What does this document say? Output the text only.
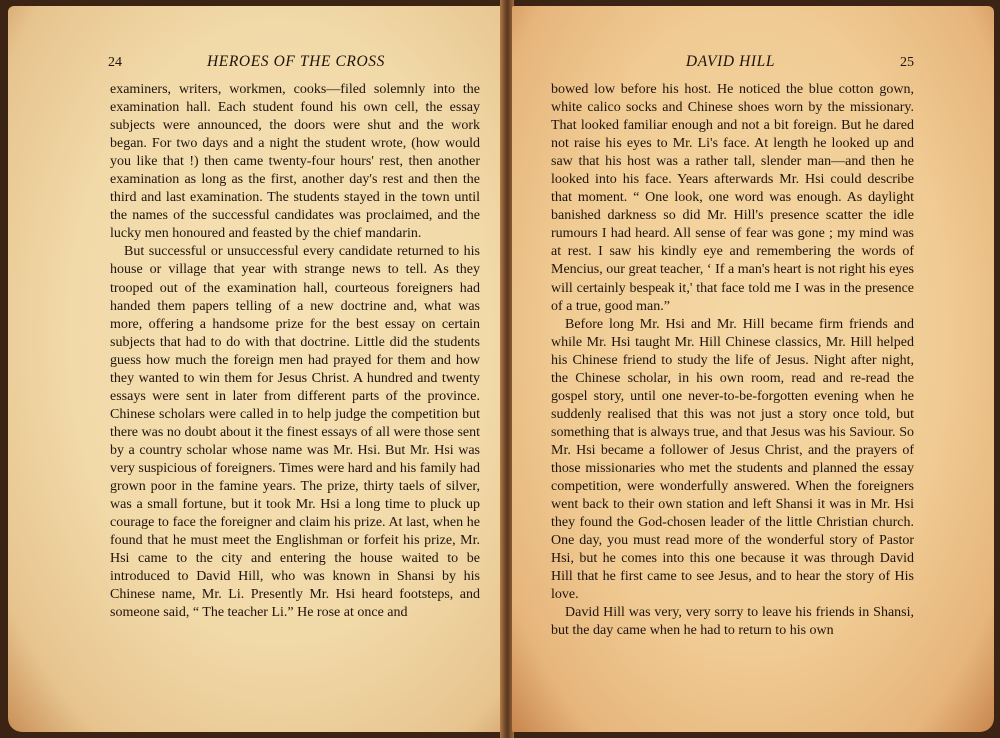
24	HEROES OF THE CROSS

examiners, writers, workmen, cooks—filed solemnly into the examination hall. Each student found his own cell, the essay subjects were announced, the doors were shut and the work began. For two days and a night the student wrote, (how would you like that !) then came twenty-four hours' rest, then another examination as long as the first, another day's rest and then the third and last examination. The students stayed in the town until the names of the successful candidates was proclaimed, and the lucky men honoured and feasted by the chief mandarin.

But successful or unsuccessful every candidate returned to his house or village that year with strange news to tell. As they trooped out of the examination hall, courteous foreigners had handed them papers telling of a new doctrine and, what was more, offering a handsome prize for the best essay on certain subjects that had to do with that doctrine. Little did the students guess how much the foreign men had prayed for them and how they wanted to win them for Jesus Christ. A hundred and twenty essays were sent in later from different parts of the province. Chinese scholars were called in to help judge the competition but there was no doubt about it the finest essays of all were those sent by a country scholar whose name was Mr. Hsi. But Mr. Hsi was very suspicious of foreigners. Times were hard and his family had grown poor in the famine years. The prize, thirty taels of silver, was a small fortune, but it took Mr. Hsi a long time to pluck up courage to face the foreigner and claim his prize. At last, when he found that he must meet the Englishman or forfeit his prize, Mr. Hsi came to the city and entering the house waited to be introduced to David Hill, who was known in Shansi by his Chinese name, Mr. Li. Presently Mr. Hsi heard footsteps, and someone said, “ The teacher Li.” He rose at once and

DAVID HILL	25

bowed low before his host. He noticed the blue cotton gown, white calico socks and Chinese shoes worn by the missionary. That looked familiar enough and not a bit foreign. But he dared not raise his eyes to Mr. Li's face. At length he looked up and saw that his host was a rather tall, slender man—and then he looked into his face. Years afterwards Mr. Hsi could describe that moment. “ One look, one word was enough. As daylight banished darkness so did Mr. Hill's presence scatter the idle rumours I had heard. All sense of fear was gone ; my mind was at rest. I saw his kindly eye and remembering the words of Mencius, our great teacher, ‘ If a man's heart is not right his eyes will certainly bespeak it,' that face told me I was in the presence of a true, good man.”

Before long Mr. Hsi and Mr. Hill became firm friends and while Mr. Hsi taught Mr. Hill Chinese classics, Mr. Hill helped his Chinese friend to study the life of Jesus. Night after night, the Chinese scholar, in his own room, read and re-read the gospel story, until one never-to-be-forgotten evening when he suddenly realised that this was not just a story once told, but something that is always true, and that Jesus was his Saviour. So Mr. Hsi became a follower of Jesus Christ, and the prayers of those missionaries who met the students and planned the essay competition, were wonderfully answered. When the foreigners went back to their own station and left Shansi it was in Mr. Hsi they found the God-chosen leader of the little Christian church. One day, you must read more of the wonderful story of Pastor Hsi, but he comes into this one because it was through David Hill that he first came to see Jesus, and to hear the story of His love.

David Hill was very, very sorry to leave his friends in Shansi, but the day came when he had to return to his own
